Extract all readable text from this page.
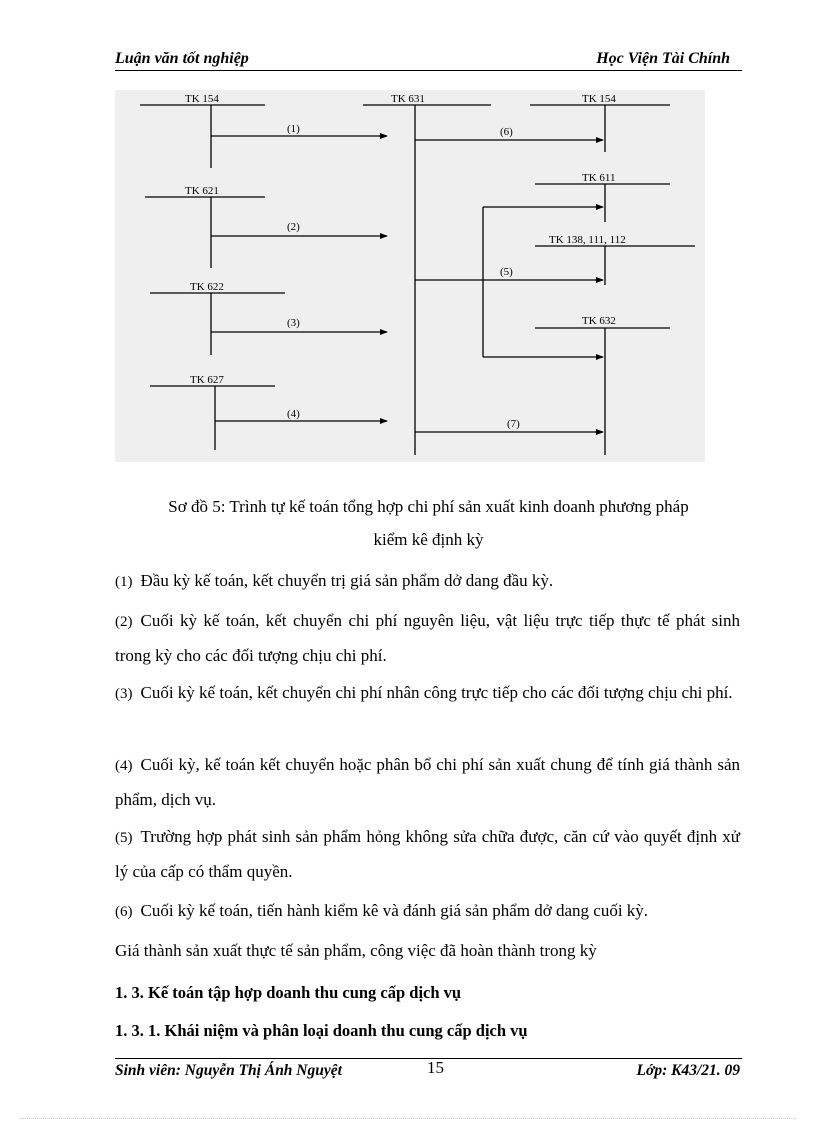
Luận văn tốt nghiệp	Học Viện Tài Chính
TK 154	TK 631	TK 154
TK 621
TK 611
TK 138, 111, 112
TK 622
TK 632
TK 627
(1)
(2)
(3)
(4)
(5)
(6)
(7)
Sơ đồ 5: Trình tự kế toán tổng hợp chi phí sản xuất kinh doanh phương pháp
kiểm kê định kỳ
(1) Đầu kỳ kế toán, kết chuyển trị giá sản phẩm dở dang đầu kỳ.
(2) Cuối kỳ kế toán, kết chuyển chi phí nguyên liệu, vật liệu trực tiếp thực tế phát sinh trong kỳ cho các đối tượng chịu chi phí.
(3) Cuối kỳ kế toán, kết chuyển chi phí nhân công trực tiếp cho các đối tượng chịu chi phí.
(4) Cuối kỳ, kế toán kết chuyển hoặc phân bổ chi phí sản xuất chung để tính giá thành sản phẩm, dịch vụ.
(5) Trường hợp phát sinh sản phẩm hỏng không sửa chữa được, căn cứ vào quyết định xử lý của cấp có thẩm quyền.
(6) Cuối kỳ kế toán, tiến hành kiểm kê và đánh giá sản phẩm dở dang cuối kỳ.
Giá thành sản xuất thực tế sản phẩm, công việc đã hoàn thành trong kỳ
1. 3. Kế toán tập hợp doanh thu cung cấp dịch vụ
1. 3. 1. Khái niệm và phân loại doanh thu cung cấp dịch vụ
Sinh viên: Nguyễn Thị Ánh Nguyệt	15	Lớp: K43/21. 09
